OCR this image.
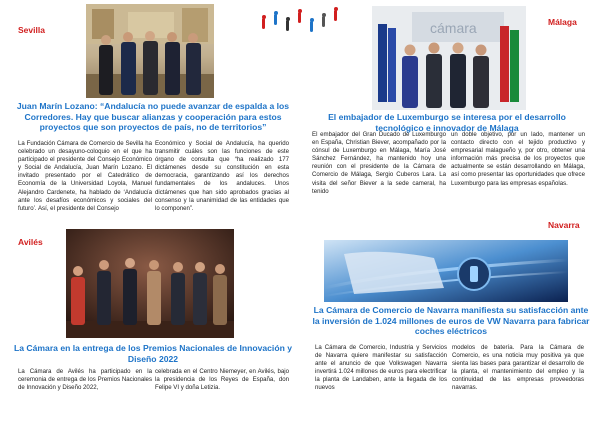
Sevilla
Juan Marín Lozano: “Andalucía no puede avanzar de espalda a los Corredores. Hay que buscar alianzas y cooperación para estos proyectos que son proyectos de país, no de territorios”
La Fundación Cámara de Comercio de Sevilla ha celebrado un desayuno-coloquio en el que ha participado el presidente del Consejo Económico y Social de Andalucía, Juan Marín Lozano. El invitado presentado por el Catedrático de Economía de la Universidad Loyola, Manuel Alejandro Cardenete, ha hablado de ‘Andalucía ante los desafíos económicos y sociales del futuro’. Así, el presidente del Consejo
Económico y Social de Andalucía, ha querido transmitir cuáles son las funciones de este órgano de consulta que “ha realizado 177 dictámenes desde su constitución en esta democracia, garantizando así los derechos fundamentales de los andaluces. Unos dictámenes que han sido aprobados gracias al consenso y la unanimidad de las entidades que lo componen”.
Málaga
cámara
El embajador de Luxemburgo se interesa por el desarrollo tecnológico e innovador de Málaga
El embajador del Gran Ducado de Luxemburgo en España, Christian Biever, acompañado por la cónsul de Luxemburgo en Málaga, María José Sánchez Fernández, ha mantenido hoy una reunión con el presidente de la Cámara de Comercio de Málaga, Sergio Cuberos Lara. La visita del señor Biever a la sede cameral, ha tenido
un doble objetivo, por un lado, mantener un contacto directo con el tejido productivo y empresarial malagueño y, por otro, obtener una información más precisa de los proyectos que actualmente se están desarrollando en Málaga, así como presentar las oportunidades que ofrece Luxemburgo para las empresas españolas.
Avilés
La Cámara en la entrega de los Premios Nacionales de Innovación y Diseño 2022
La Cámara de Avilés ha participado en la ceremonia de entrega de los Premios Nacionales de Innovación y Diseño 2022,
celebrada en el Centro Niemeyer, en Avilés, bajo la presidencia de los Reyes de España, don Felipe VI y doña Letizia.
Navarra
La Cámara de Comercio de Navarra manifiesta su satisfacción ante la inversión de 1.024 millones de euros de VW Navarra para fabricar coches eléctricos
La Cámara de Comercio, Industria y Servicios de Navarra quiere manifestar su satisfacción ante el anuncio de que Volkswagen Navarra invertirá 1.024 millones de euros para electrificar la planta de Landaben, ante la llegada de los nuevos
modelos de batería. Para la Cámara de Comercio, es una noticia muy positiva ya que sienta las bases para garantizar el desarrollo de la planta, el mantenimiento del empleo y la continuidad de las empresas proveedoras navarras.
